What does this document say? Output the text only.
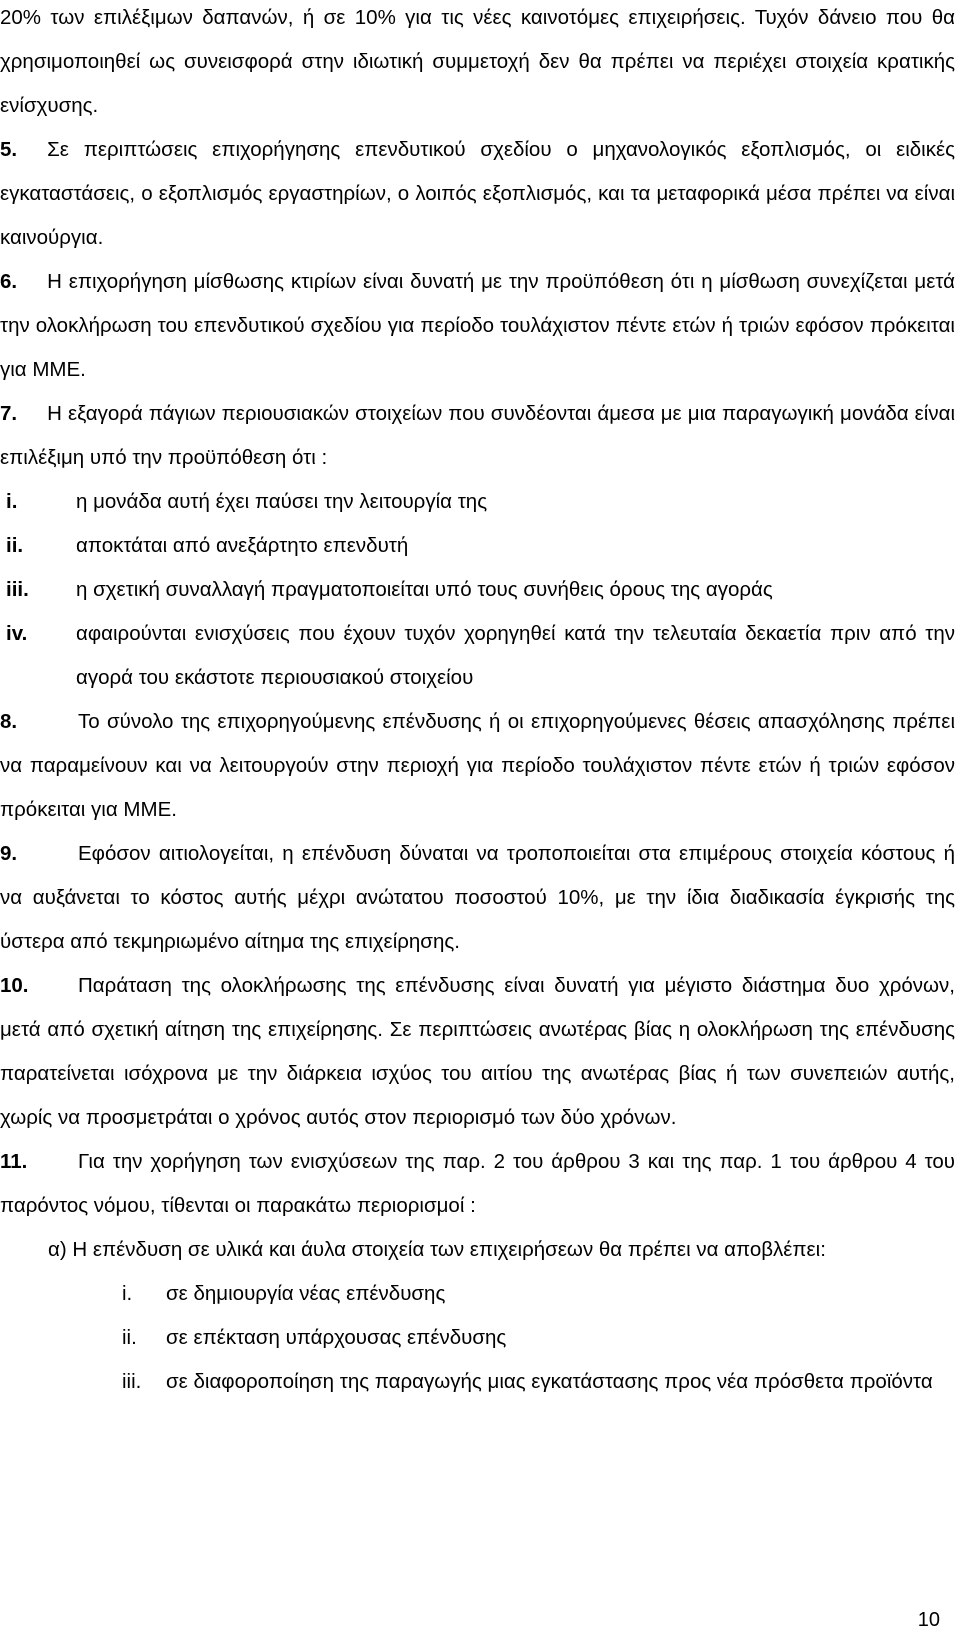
20% των επιλέξιμων δαπανών, ή σε 10% για τις νέες καινοτόμες επιχειρήσεις. Τυχόν δάνειο που θα χρησιμοποιηθεί ως συνεισφορά στην ιδιωτική συμμετοχή δεν θα πρέπει να περιέχει στοιχεία κρατικής ενίσχυσης.

5. Σε περιπτώσεις επιχορήγησης επενδυτικού σχεδίου ο μηχανολογικός εξοπλισμός, οι ειδικές εγκαταστάσεις, ο εξοπλισμός εργαστηρίων, ο λοιπός εξοπλισμός, και τα μεταφορικά μέσα πρέπει να είναι καινούργια.

6. Η επιχορήγηση μίσθωσης κτιρίων είναι δυνατή με την προϋπόθεση ότι η μίσθωση συνεχίζεται μετά την ολοκλήρωση του επενδυτικού σχεδίου για περίοδο τουλάχιστον πέντε ετών ή τριών εφόσον πρόκειται για ΜΜΕ.

7. Η εξαγορά πάγιων περιουσιακών στοιχείων που συνδέονται άμεσα με μια παραγωγική μονάδα είναι επιλέξιμη υπό την προϋπόθεση ότι :

i.	η μονάδα αυτή έχει παύσει την λειτουργία της
ii.	αποκτάται από ανεξάρτητο επενδυτή
iii.	η σχετική συναλλαγή πραγματοποιείται υπό τους συνήθεις όρους της αγοράς
iv.	αφαιρούνται ενισχύσεις που έχουν τυχόν χορηγηθεί κατά την τελευταία δεκαετία πριν από την αγορά του εκάστοτε περιουσιακού στοιχείου

8.	Το σύνολο της επιχορηγούμενης επένδυσης ή οι επιχορηγούμενες θέσεις απασχόλησης πρέπει να παραμείνουν και να λειτουργούν στην περιοχή για περίοδο τουλάχιστον πέντε ετών ή τριών εφόσον πρόκειται για ΜΜΕ.

9.	Εφόσον αιτιολογείται, η επένδυση δύναται να τροποποιείται στα επιμέρους στοιχεία κόστους ή να αυξάνεται το κόστος αυτής μέχρι ανώτατου ποσοστού 10%, με την ίδια διαδικασία έγκρισής της ύστερα από τεκμηριωμένο αίτημα της επιχείρησης.

10. Παράταση της ολοκλήρωσης της επένδυσης είναι δυνατή για μέγιστο διάστημα δυο χρόνων, μετά από σχετική αίτηση της επιχείρησης. Σε περιπτώσεις ανωτέρας βίας η ολοκλήρωση της επένδυσης παρατείνεται ισόχρονα με την διάρκεια ισχύος του αιτίου της ανωτέρας βίας ή των συνεπειών αυτής, χωρίς να προσμετράται ο χρόνος αυτός στον περιορισμό των δύο χρόνων.

11. Για την χορήγηση των ενισχύσεων της παρ. 2 του άρθρου 3 και της παρ. 1 του άρθρου 4 του παρόντος νόμου, τίθενται οι παρακάτω περιορισμοί :

α) Η επένδυση σε υλικά και άυλα στοιχεία των επιχειρήσεων θα πρέπει να αποβλέπει:

i.	σε δημιουργία νέας επένδυσης
ii.	σε επέκταση υπάρχουσας επένδυσης
iii.	σε διαφοροποίηση της παραγωγής μιας εγκατάστασης προς νέα πρόσθετα προϊόντα
10
